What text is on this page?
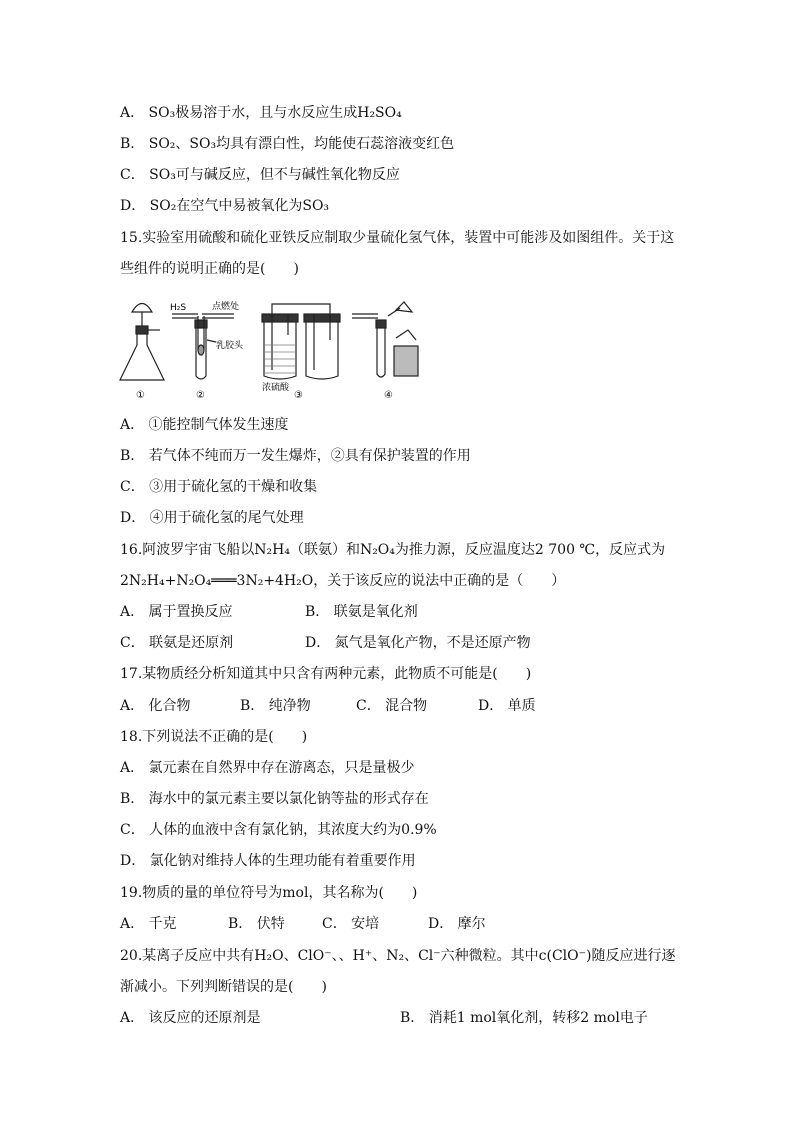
A． SO₃极易溶于水，且与水反应生成H₂SO₄
B． SO₂、SO₃均具有漂白性，均能使石蕊溶液变红色
C． SO₃可与碱反应，但不与碱性氧化物反应
D． SO₂在空气中易被氧化为SO₃
15.实验室用硫酸和硫化亚铁反应制取少量硫化氢气体，装置中可能涉及如图组件。关于这
些组件的说明正确的是(　　)
H₂S	点燃处
乳胶头
浓硫酸
①	②	③	④
A． ①能控制气体发生速度
B． 若气体不纯而万一发生爆炸，②具有保护装置的作用
C． ③用于硫化氢的干燥和收集
D． ④用于硫化氢的尾气处理
16.阿波罗宇宙飞船以N₂H₄（联氨）和N₂O₄为推力源，反应温度达2 700 ℃，反应式为
2N₂H₄+N₂O₄═══3N₂+4H₂O，关于该反应的说法中正确的是（　　）
A． 属于置换反应	B． 联氨是氧化剂
C． 联氨是还原剂	D． 氮气是氧化产物，不是还原产物
17.某物质经分析知道其中只含有两种元素，此物质不可能是(　　)
A． 化合物	B． 纯净物	C． 混合物	D． 单质
18.下列说法不正确的是(　　)
A． 氯元素在自然界中存在游离态，只是量极少
B． 海水中的氯元素主要以氯化钠等盐的形式存在
C． 人体的血液中含有氯化钠，其浓度大约为0.9%
D． 氯化钠对维持人体的生理功能有着重要作用
19.物质的量的单位符号为mol，其名称为(　　)
A． 千克	B． 伏特	C． 安培	D． 摩尔
20.某离子反应中共有H₂O、ClO⁻、、H⁺、N₂、Cl⁻六种微粒。其中c(ClO⁻)随反应进行逐
渐减小。下列判断错误的是(　　)
A． 该反应的还原剂是	B． 消耗1 mol氧化剂，转移2 mol电子
